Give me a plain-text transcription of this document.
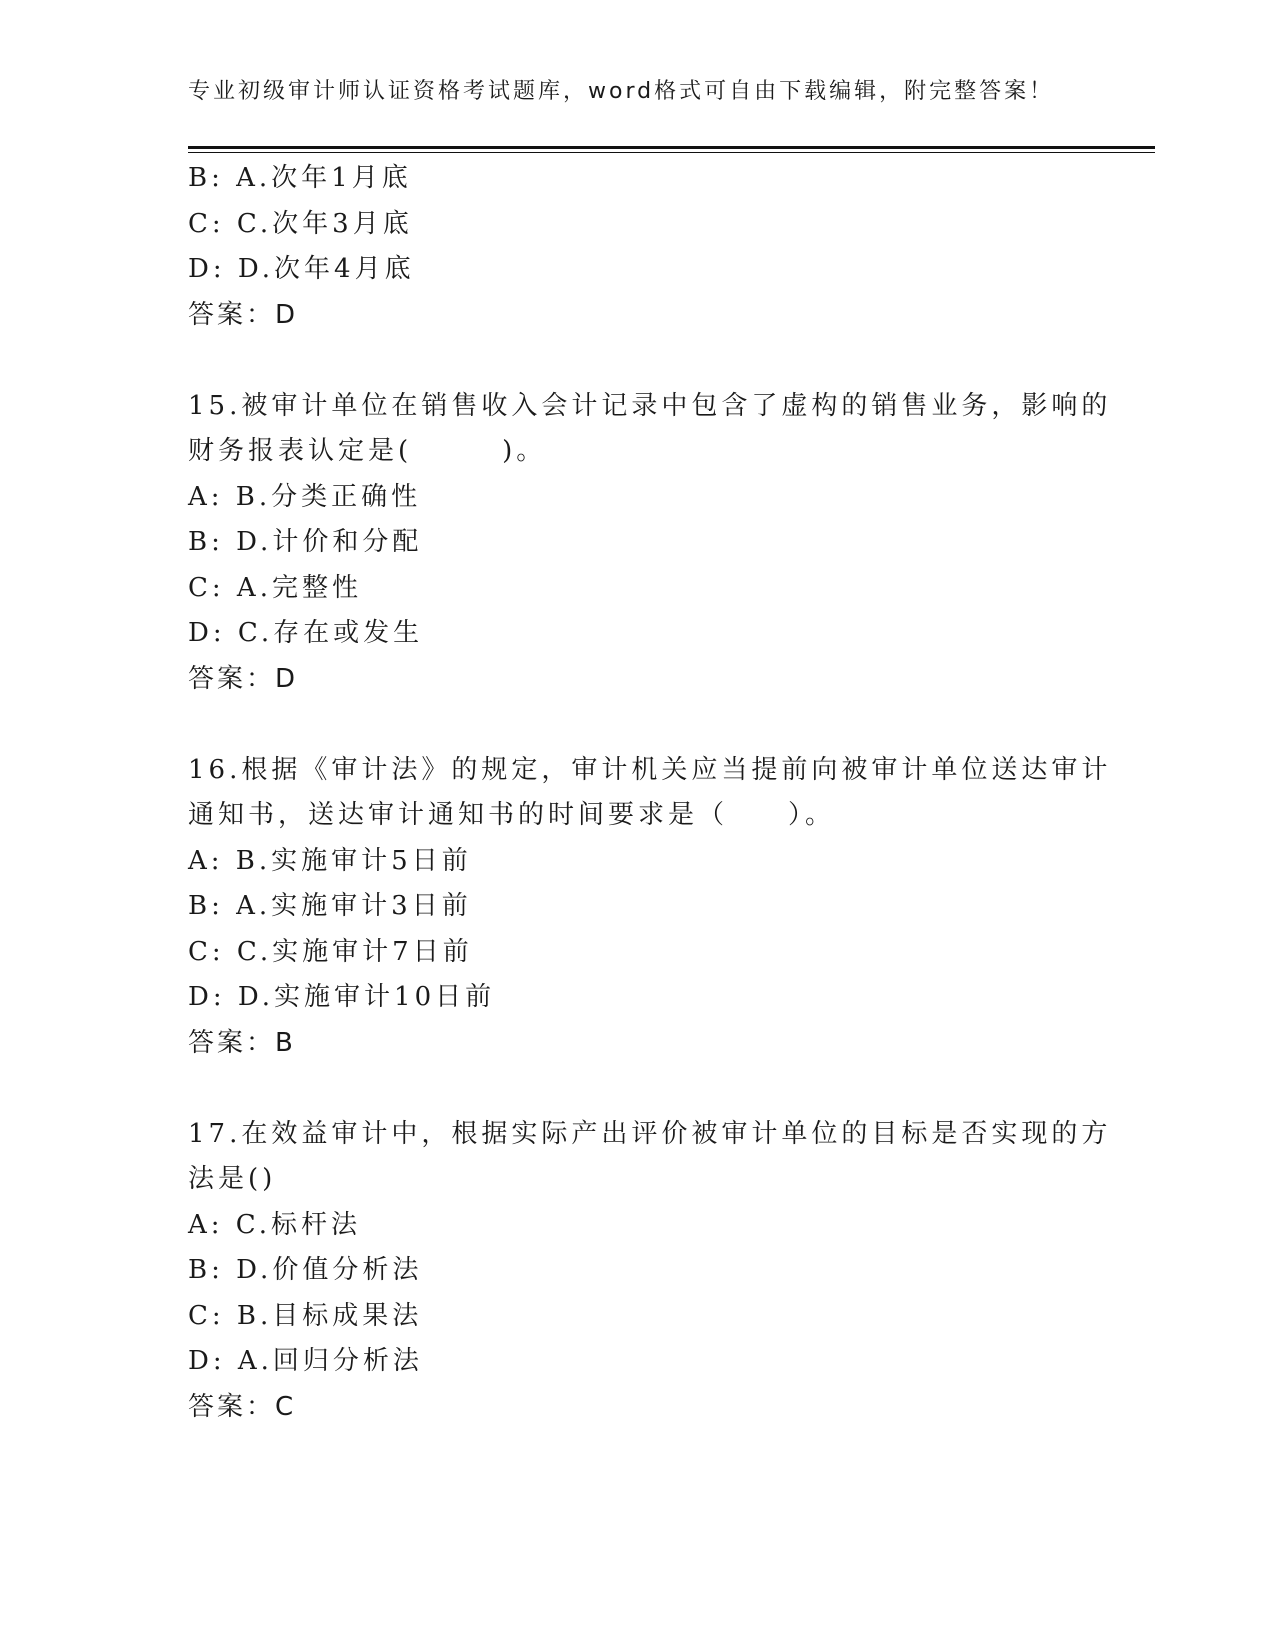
专业初级审计师认证资格考试题库，word格式可自由下载编辑，附完整答案！
B: A.次年1月底
C: C.次年3月底
D: D.次年4月底
答案：D
15.被审计单位在销售收入会计记录中包含了虚构的销售业务，影响的
财务报表认定是(　　　)。
A: B.分类正确性
B: D.计价和分配
C: A.完整性
D: C.存在或发生
答案：D
16.根据《审计法》的规定，审计机关应当提前向被审计单位送达审计
通知书，送达审计通知书的时间要求是（　　）。
A: B.实施审计5日前
B: A.实施审计3日前
C: C.实施审计7日前
D: D.实施审计10日前
答案：B
17.在效益审计中，根据实际产出评价被审计单位的目标是否实现的方
法是()
A: C.标杆法
B: D.价值分析法
C: B.目标成果法
D: A.回归分析法
答案：C
